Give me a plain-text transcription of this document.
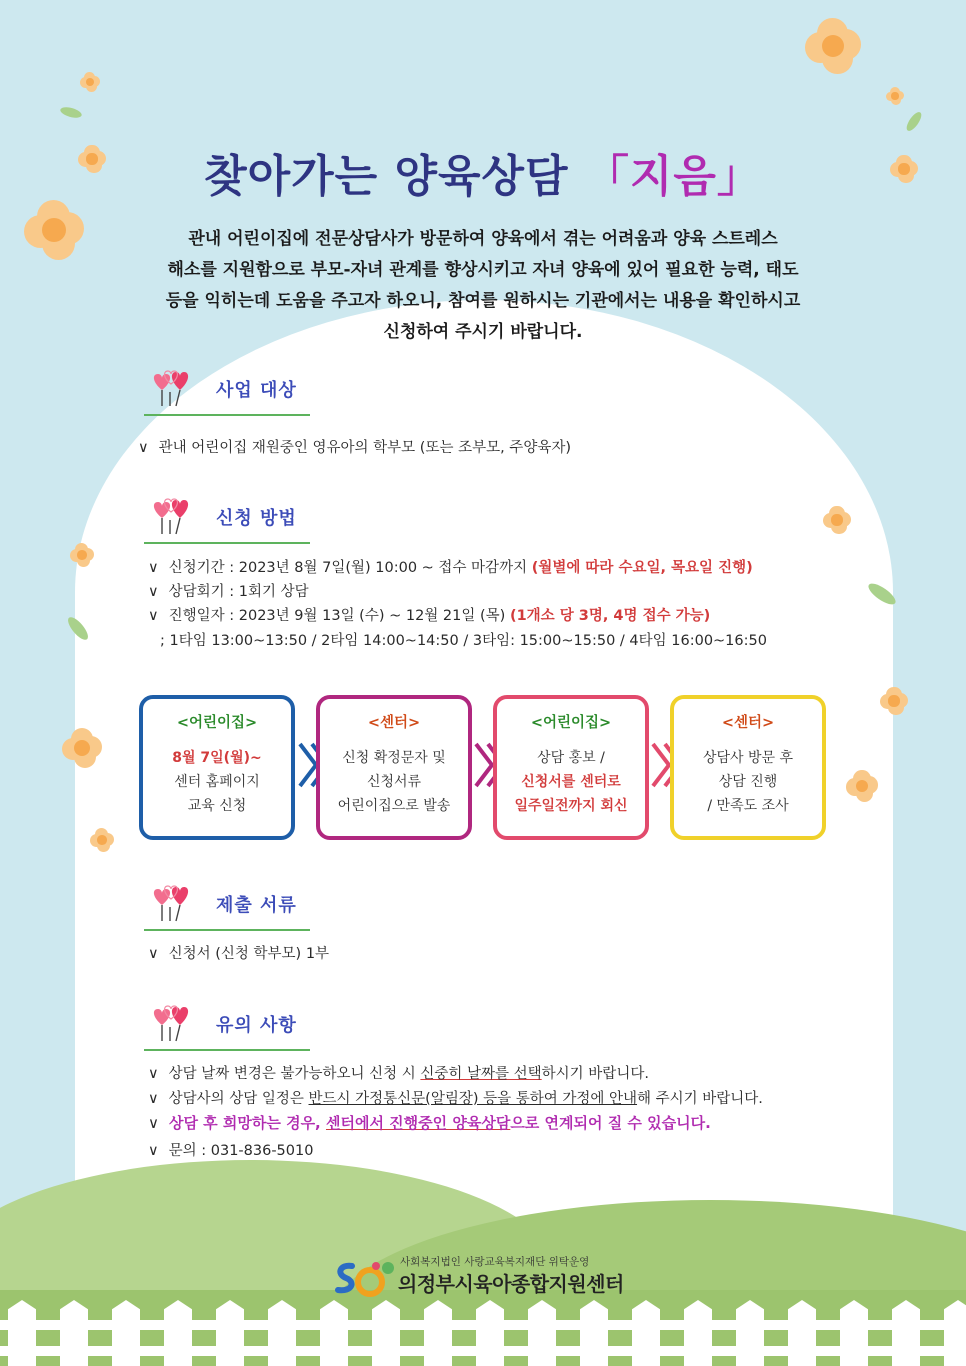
찾아가는 양육상담 「지음」
관내 어린이집에 전문상담사가 방문하여 양육에서 겪는 어려움과 양육 스트레스
해소를 지원함으로 부모-자녀 관계를 향상시키고 자녀 양육에 있어 필요한 능력, 태도
등을 익히는데 도움을 주고자 하오니, 참여를 원하시는 기관에서는 내용을 확인하시고
신청하여 주시기 바랍니다.
사업 대상
∨ 관내 어린이집 재원중인 영유아의 학부모 (또는 조부모, 주양육자)
신청 방법
∨ 신청기간 : 2023년 8월 7일(월) 10:00 ~ 접수 마감까지 (월별에 따라 수요일, 목요일 진행)
∨ 상담회기 : 1회기 상담
∨ 진행일자 : 2023년 9월 13일 (수) ~ 12월 21일 (목) (1개소 당 3명, 4명 접수 가능)
; 1타임 13:00~13:50 / 2타임 14:00~14:50 / 3타임: 15:00~15:50 / 4타임 16:00~16:50
<어린이집>
8월 7일(월)~
센터 홈페이지
교육 신청
<센터>
신청 확정문자 및
신청서류
어린이집으로 발송
<어린이집>
상담 홍보 /
신청서를 센터로
일주일전까지 회신
<센터>
상담사 방문 후
상담 진행
/ 만족도 조사
제출 서류
∨ 신청서 (신청 학부모) 1부
유의 사항
∨ 상담 날짜 변경은 불가능하오니 신청 시 신중히 날짜를 선택하시기 바랍니다.
∨ 상담사의 상담 일정은 반드시 가정통신문(알림장) 등을 통하여 가정에 안내해 주시기 바랍니다.
∨ 상담 후 희망하는 경우, 센터에서 진행중인 양육상담으로 연계되어 질 수 있습니다.
∨ 문의 : 031-836-5010
사회복지법인 사랑교육복지재단 위탁운영
의정부시육아종합지원센터
